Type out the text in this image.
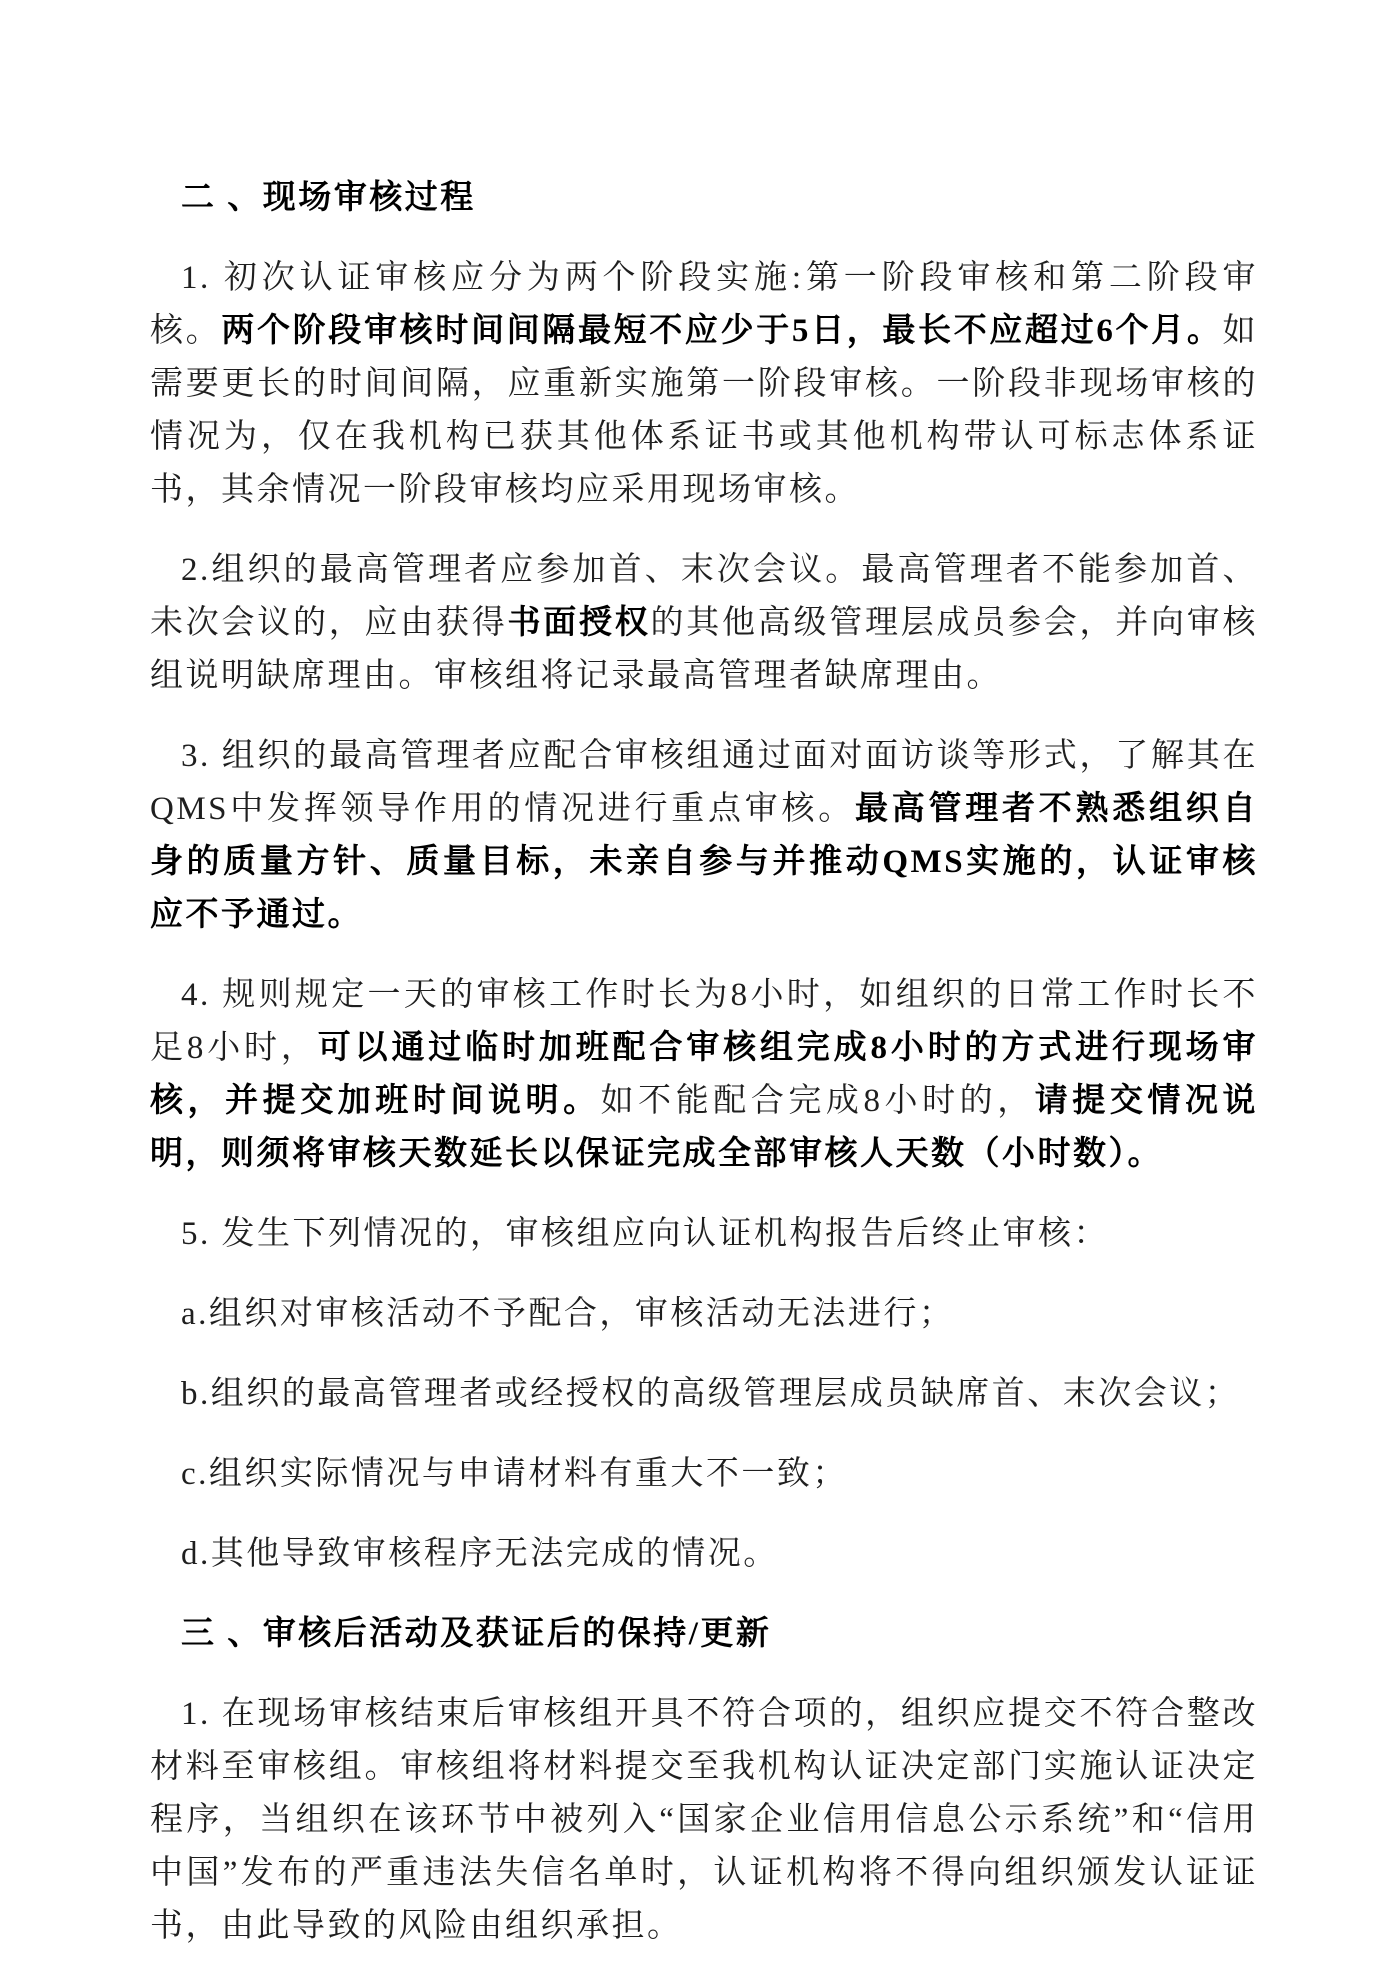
二 、现场审核过程

1. 初次认证审核应分为两个阶段实施:第一阶段审核和第二阶段审核。两个阶段审核时间间隔最短不应少于5日，最长不应超过6个月。如需要更长的时间间隔，应重新实施第一阶段审核。一阶段非现场审核的情况为，仅在我机构已获其他体系证书或其他机构带认可标志体系证书，其余情况一阶段审核均应采用现场审核。

2.组织的最高管理者应参加首、末次会议。最高管理者不能参加首、未次会议的，应由获得书面授权的其他高级管理层成员参会，并向审核组说明缺席理由。审核组将记录最高管理者缺席理由。

3. 组织的最高管理者应配合审核组通过面对面访谈等形式，了解其在QMS中发挥领导作用的情况进行重点审核。最高管理者不熟悉组织自身的质量方针、质量目标，未亲自参与并推动QMS实施的，认证审核应不予通过。

4. 规则规定一天的审核工作时长为8小时，如组织的日常工作时长不足8小时，可以通过临时加班配合审核组完成8小时的方式进行现场审核，并提交加班时间说明。如不能配合完成8小时的，请提交情况说明，则须将审核天数延长以保证完成全部审核人天数（小时数）。

5. 发生下列情况的，审核组应向认证机构报告后终止审核：

a.组织对审核活动不予配合，审核活动无法进行；

b.组织的最高管理者或经授权的高级管理层成员缺席首、末次会议；

c.组织实际情况与申请材料有重大不一致；

d.其他导致审核程序无法完成的情况。

三 、审核后活动及获证后的保持/更新

1. 在现场审核结束后审核组开具不符合项的，组织应提交不符合整改材料至审核组。审核组将材料提交至我机构认证决定部门实施认证决定程序，当组织在该环节中被列入“国家企业信用信息公示系统”和“信用中国”发布的严重违法失信名单时，认证机构将不得向组织颁发认证证书，由此导致的风险由组织承担。
